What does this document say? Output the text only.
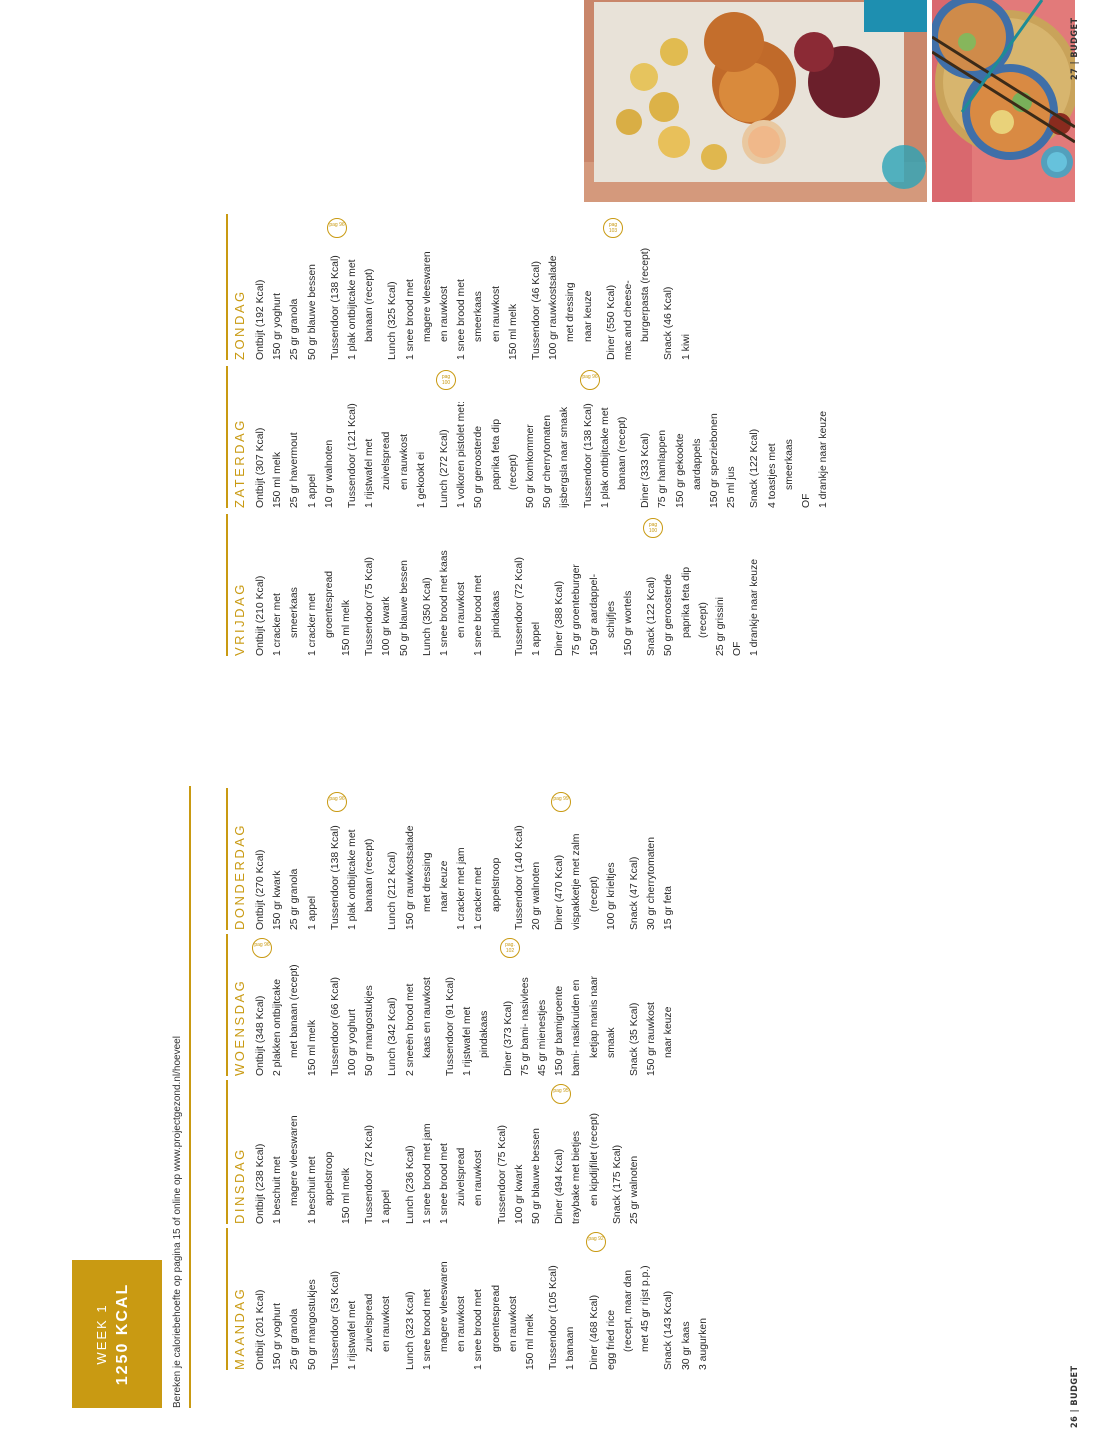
26 | BUDGET
27 | BUDGET
WEEK 1 1250 KCAL	Bereken je caloriebehoefte op pagina 15 of online op www.projectgezond.nl/hoeveel	MAANDAG Ontbijt (201 Kcal) 150 gr yoghurt 25 gr granola 50 gr mangostukjes	Tussendoor (53 Kcal) 1 rijstwafel met zuivelspread en rauwkost	Lunch (323 Kcal) 1 snee brood met magere vleeswaren en rauwkost 1 snee brood met groentespread en rauwkost 150 ml melk	Tussendoor (105 Kcal) 1 banaan	Diner (468 Kcal)
pag 92
egg fried rice (recept, maar dan met 45 gr rijst p.p.)	Snack (143 Kcal) 30 gr kaas 3 augurken
DINSDAG Ontbijt (238 Kcal) 1 beschuit met magere vleeswaren 1 beschuit met appelstroop 150 ml melk	Tussendoor (72 Kcal) 1 appel	Lunch (236 Kcal) 1 snee brood met jam 1 snee brood met zuivelspread en rauwkost	Tussendoor (75 Kcal) 100 gr kwark 50 gr blauwe bessen	Diner (494 Kcal)
pag 95
traybake met bietjes en kipdijfilet (recept)	Snack (175 Kcal) 25 gr walnoten
WOENSDAG Ontbijt (348 Kcal)
pag 96
2 plakken ontbijtcake met banaan (recept) 150 ml melk	Tussendoor (66 Kcal) 100 gr yoghurt 50 gr mangostukjes	Lunch (342 Kcal) 2 sneeën brood met kaas en rauwkost	Tussendoor (91 Kcal) 1 rijstwafel met pindakaas	Diner (373 Kcal)
pag. 102
75 gr bami- nasivlees 45 gr mienestjes 150 gr bamigroente bami- nasikruiden en ketjap manis naar smaak	Snack (35 Kcal) 150 gr rauwkost naar keuze
DONDERDAG Ontbijt (270 Kcal) 150 gr kwark 25 gr granola 1 appel	Tussendoor (138 Kcal)
pag 96
1 plak ontbijtcake met banaan (recept)	Lunch (212 Kcal) 150 gr rauwkostsalade met dressing naar keuze 1 cracker met jam 1 cracker met appelstroop	Tussendoor (140 Kcal) 20 gr walnoten	Diner (470 Kcal)
pag 99
vispakketje met zalm (recept) 100 gr krieltjes	Snack (47 Kcal) 30 gr cherrytomaten 15 gr feta
VRIJDAG Ontbijt (210 Kcal) 1 cracker met smeerkaas 1 cracker met groentespread 150 ml melk	Tussendoor (75 Kcal) 100 gr kwark 50 gr blauwe bessen	Lunch (350 Kcal) 1 snee brood met kaas en rauwkost 1 snee brood met pindakaas	Tussendoor (72 Kcal) 1 appel	Diner (388 Kcal) 75 gr groenteburger 150 gr aardappel- schijfjes 150 gr wortels	Snack (122 Kcal)
pag 100
50 gr geroosterde paprika feta dip (recept) 25 gr grissini OF 1 drankje naar keuze
ZATERDAG Ontbijt (307 Kcal) 150 ml melk 25 gr havermout 1 appel 10 gr walnoten	Tussendoor (121 Kcal) 1 rijstwafel met zuivelspread en rauwkost 1 gekookt ei	Lunch (272 Kcal)
pag 100
1 volkoren pistolet met: 50 gr geroosterde paprika feta dip (recept) 50 gr komkommer 50 gr cherrytomaten ijsbergsla naar smaak	Tussendoor (138 Kcal)
pag 96
1 plak ontbijtcake met banaan (recept)	Diner (333 Kcal) 75 gr hamlappen 150 gr gekookte aardappels 150 gr sperziebonen 25 ml jus	Snack (122 Kcal) 4 toastjes met smeerkaas
OF 1 drankje naar keuze
ZONDAG Ontbijt (192 Kcal) 150 gr yoghurt 25 gr granola 50 gr blauwe bessen	Tussendoor (138 Kcal)
pag 96
1 plak ontbijtcake met banaan (recept)	Lunch (325 Kcal) 1 snee brood met magere vleeswaren en rauwkost 1 snee brood met smeerkaas en rauwkost 150 ml melk	Tussendoor (46 Kcal) 100 gr rauwkostsalade met dressing naar keuze	Diner (550 Kcal)
pag 103
mac and cheese- burgerpasta (recept)	Snack (46 Kcal) 1 kiwi
